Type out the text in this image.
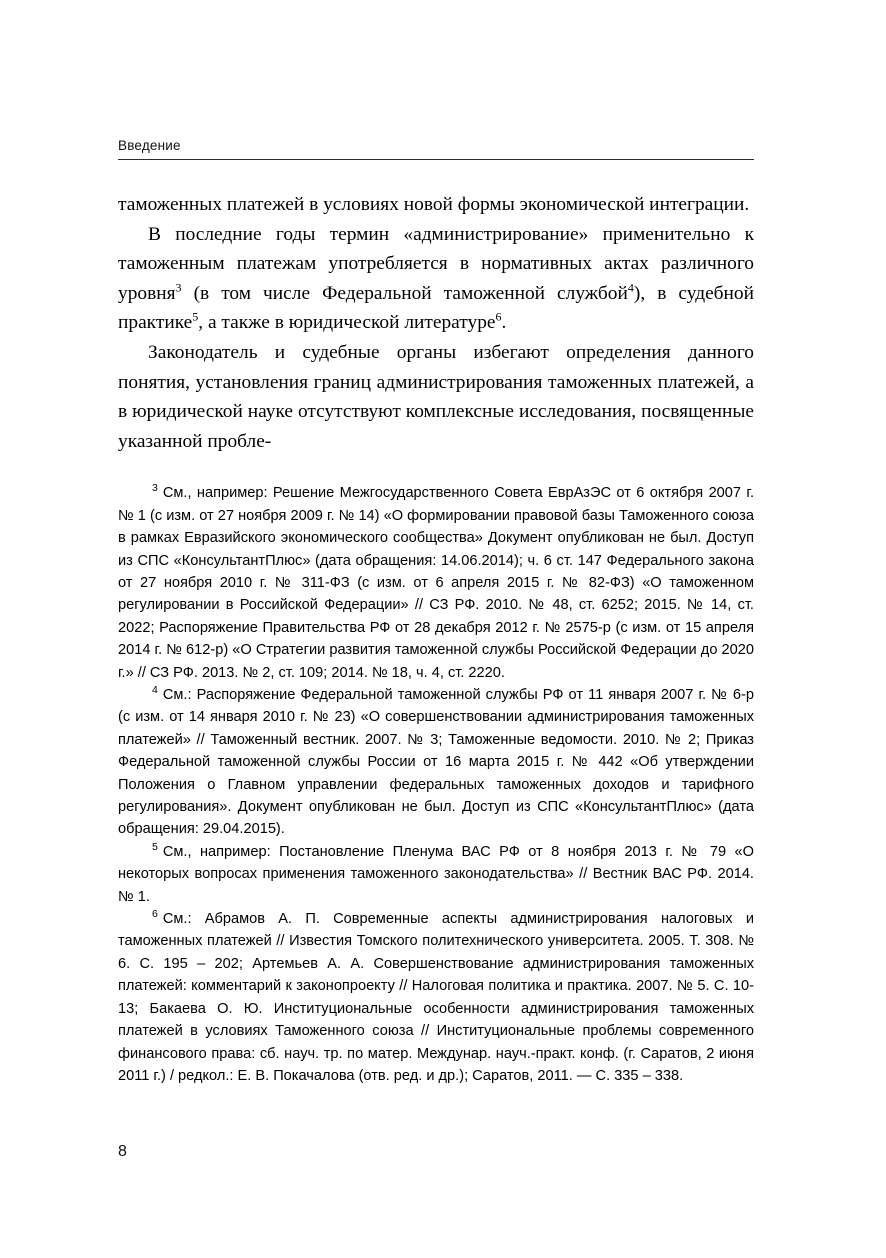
Введение

таможенных платежей в условиях новой формы экономической интеграции.

В последние годы термин «администрирование» применительно к таможенным платежам употребляется в нормативных актах различного уровня$^3$ (в том числе Федеральной таможенной службой$^4$), в судебной практике$^5$, а также в юридической литературе$^6$.

Законодатель и судебные органы избегают определения данного понятия, установления границ администрирования таможенных платежей, а в юридической науке отсутствуют комплексные исследования, посвященные указанной пробле-

$^3$ См., например: Решение Межгосударственного Совета ЕврАзЭС от 6 октября 2007 г. № 1 (с изм. от 27 ноября 2009 г. № 14) «О формировании правовой базы Таможенного союза в рамках Евразийского экономического сообщества» Документ опубликован не был. Доступ из СПС «КонсультантПлюс» (дата обращения: 14.06.2014); ч. 6 ст. 147 Федерального закона от 27 ноября 2010 г. № 311-ФЗ (с изм. от 6 апреля 2015 г. № 82-ФЗ) «О таможенном регулировании в Российской Федерации» // СЗ РФ. 2010. № 48, ст. 6252; 2015. № 14, ст. 2022; Распоряжение Правительства РФ от 28 декабря 2012 г. № 2575-р (с изм. от 15 апреля 2014 г. № 612-р) «О Стратегии развития таможенной службы Российской Федерации до 2020 г.» // СЗ РФ. 2013. № 2, ст. 109; 2014. № 18, ч. 4, ст. 2220.

$^4$ См.: Распоряжение Федеральной таможенной службы РФ от 11 января 2007 г. № 6-р (с изм. от 14 января 2010 г. № 23) «О совершенствовании администрирования таможенных платежей» // Таможенный вестник. 2007. № 3; Таможенные ведомости. 2010. № 2; Приказ Федеральной таможенной службы России от 16 марта 2015 г. № 442 «Об утверждении Положения о Главном управлении федеральных таможенных доходов и тарифного регулирования». Документ опубликован не был. Доступ из СПС «КонсультантПлюс» (дата обращения: 29.04.2015).

$^5$ См., например: Постановление Пленума ВАС РФ от 8 ноября 2013 г. № 79 «О некоторых вопросах применения таможенного законодательства» // Вестник ВАС РФ. 2014. № 1.

$^6$ См.: Абрамов А. П. Современные аспекты администрирования налоговых и таможенных платежей // Известия Томского политехнического университета. 2005. Т. 308. № 6. С. 195 – 202; Артемьев А. А. Совершенствование администрирования таможенных платежей: комментарий к законопроекту // Налоговая политика и практика. 2007. № 5. С. 10-13; Бакаева О. Ю. Институциональные особенности администрирования таможенных платежей в условиях Таможенного союза // Институциональные проблемы современного финансового права: сб. науч. тр. по матер. Междунар. науч.-практ. конф. (г. Саратов, 2 июня 2011 г.) / редкол.: Е. В. Покачалова (отв. ред. и др.); Саратов, 2011. — С. 335 – 338.

8
